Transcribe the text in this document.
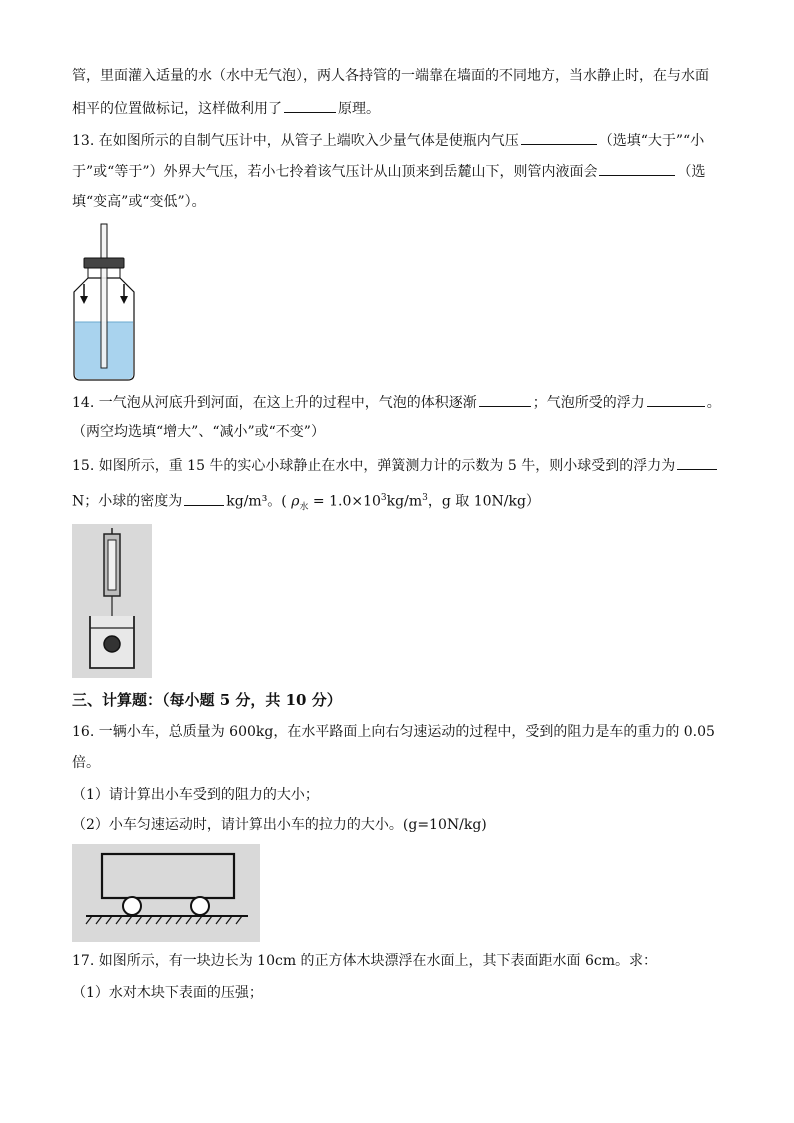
管，里面灌入适量的水（水中无气泡），两人各持管的一端靠在墙面的不同地方，当水静止时，在与水面
相平的位置做标记，这样做利用了	原理。
13. 在如图所示的自制气压计中，从管子上端吹入少量气体是使瓶内气压	（选填“大于”“小
于”或“等于”）外界大气压，若小七拎着该气压计从山顶来到岳麓山下，则管内液面会	（选
填“变高”或“变低”）。
14. 一气泡从河底升到河面，在这上升的过程中，气泡的体积逐渐	；气泡所受的浮力	。
（两空均选填“增大”、“减小”或“不变”）
15. 如图所示，重 15 牛的实心小球静止在水中，弹簧测力计的示数为 5 牛，则小球受到的浮力为
N；小球的密度为	kg/m³。( $\rho_水 = 1.0\times 10^3kg/m^3$，g 取 10N/kg）
三、计算题：（每小题 5 分，共 10 分）
16. 一辆小车，总质量为 600kg，在水平路面上向右匀速运动的过程中，受到的阻力是车的重力的 0.05
倍。
（1）请计算出小车受到的阻力的大小；
（2）小车匀速运动时，请计算出小车的拉力的大小。(g=10N/kg)
17. 如图所示，有一块边长为 10cm 的正方体木块漂浮在水面上，其下表面距水面 6cm。求：
（1）水对木块下表面的压强；
